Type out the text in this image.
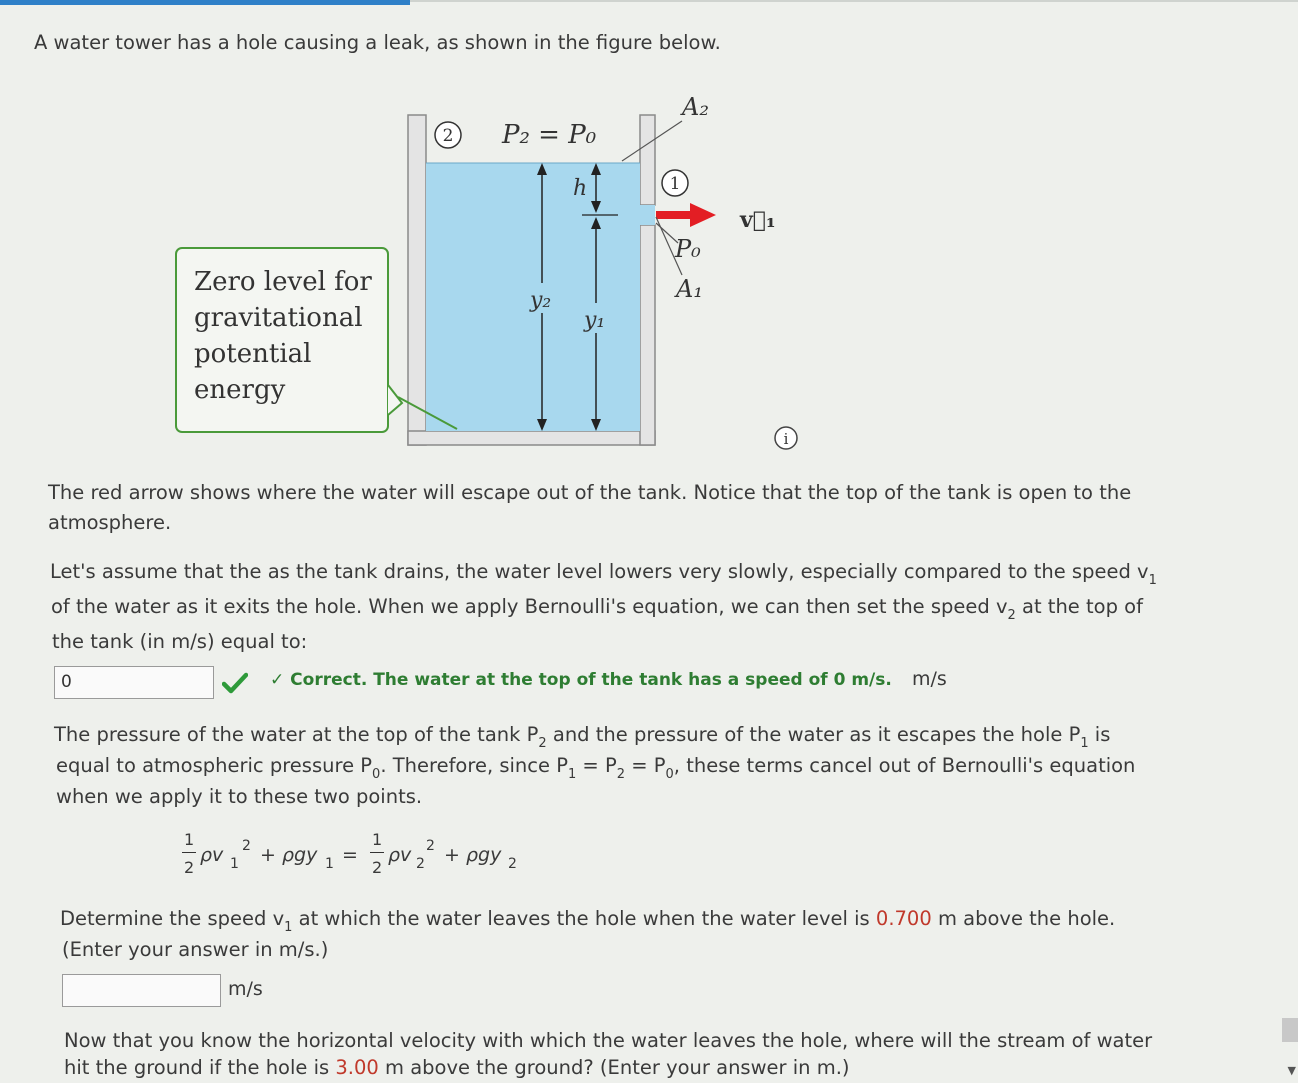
A water tower has a hole causing a leak, as shown in the figure below.
2 P₂ = P₀
A₂
1
v⃗₁
P₀
A₁
y₂
h
y₁
Zero level for
gravitational
potential
energy
i
The red arrow shows where the water will escape out of the tank. Notice that the top of the tank is open to the
atmosphere.
Let's assume that the as the tank drains, the water level lowers very slowly, especially compared to the speed $v_1$
of the water as it exits the hole. When we apply Bernoulli's equation, we can then set the speed $v_2$ at the top of
the tank (in m/s) equal to:
0	✓ Correct. The water at the top of the tank has a speed of 0 m/s. m/s
The pressure of the water at the top of the tank $P_2$ and the pressure of the water as it escapes the hole $P_1$ is
equal to atmospheric pressure $P_0$. Therefore, since $P_1 = P_2 = P_0$, these terms cancel out of Bernoulli's equation
when we apply it to these two points.
1
2
ρv 1
2 + ρgy 1 =
1
2
ρv 2
2 + ρgy 2
Determine the speed $v_1$ at which the water leaves the hole when the water level is 0.700 m above the hole.
(Enter your answer in m/s.)
m/s
Now that you know the horizontal velocity with which the water leaves the hole, where will the stream of water
hit the ground if the hole is 3.00 m above the ground? (Enter your answer in m.)	▼
